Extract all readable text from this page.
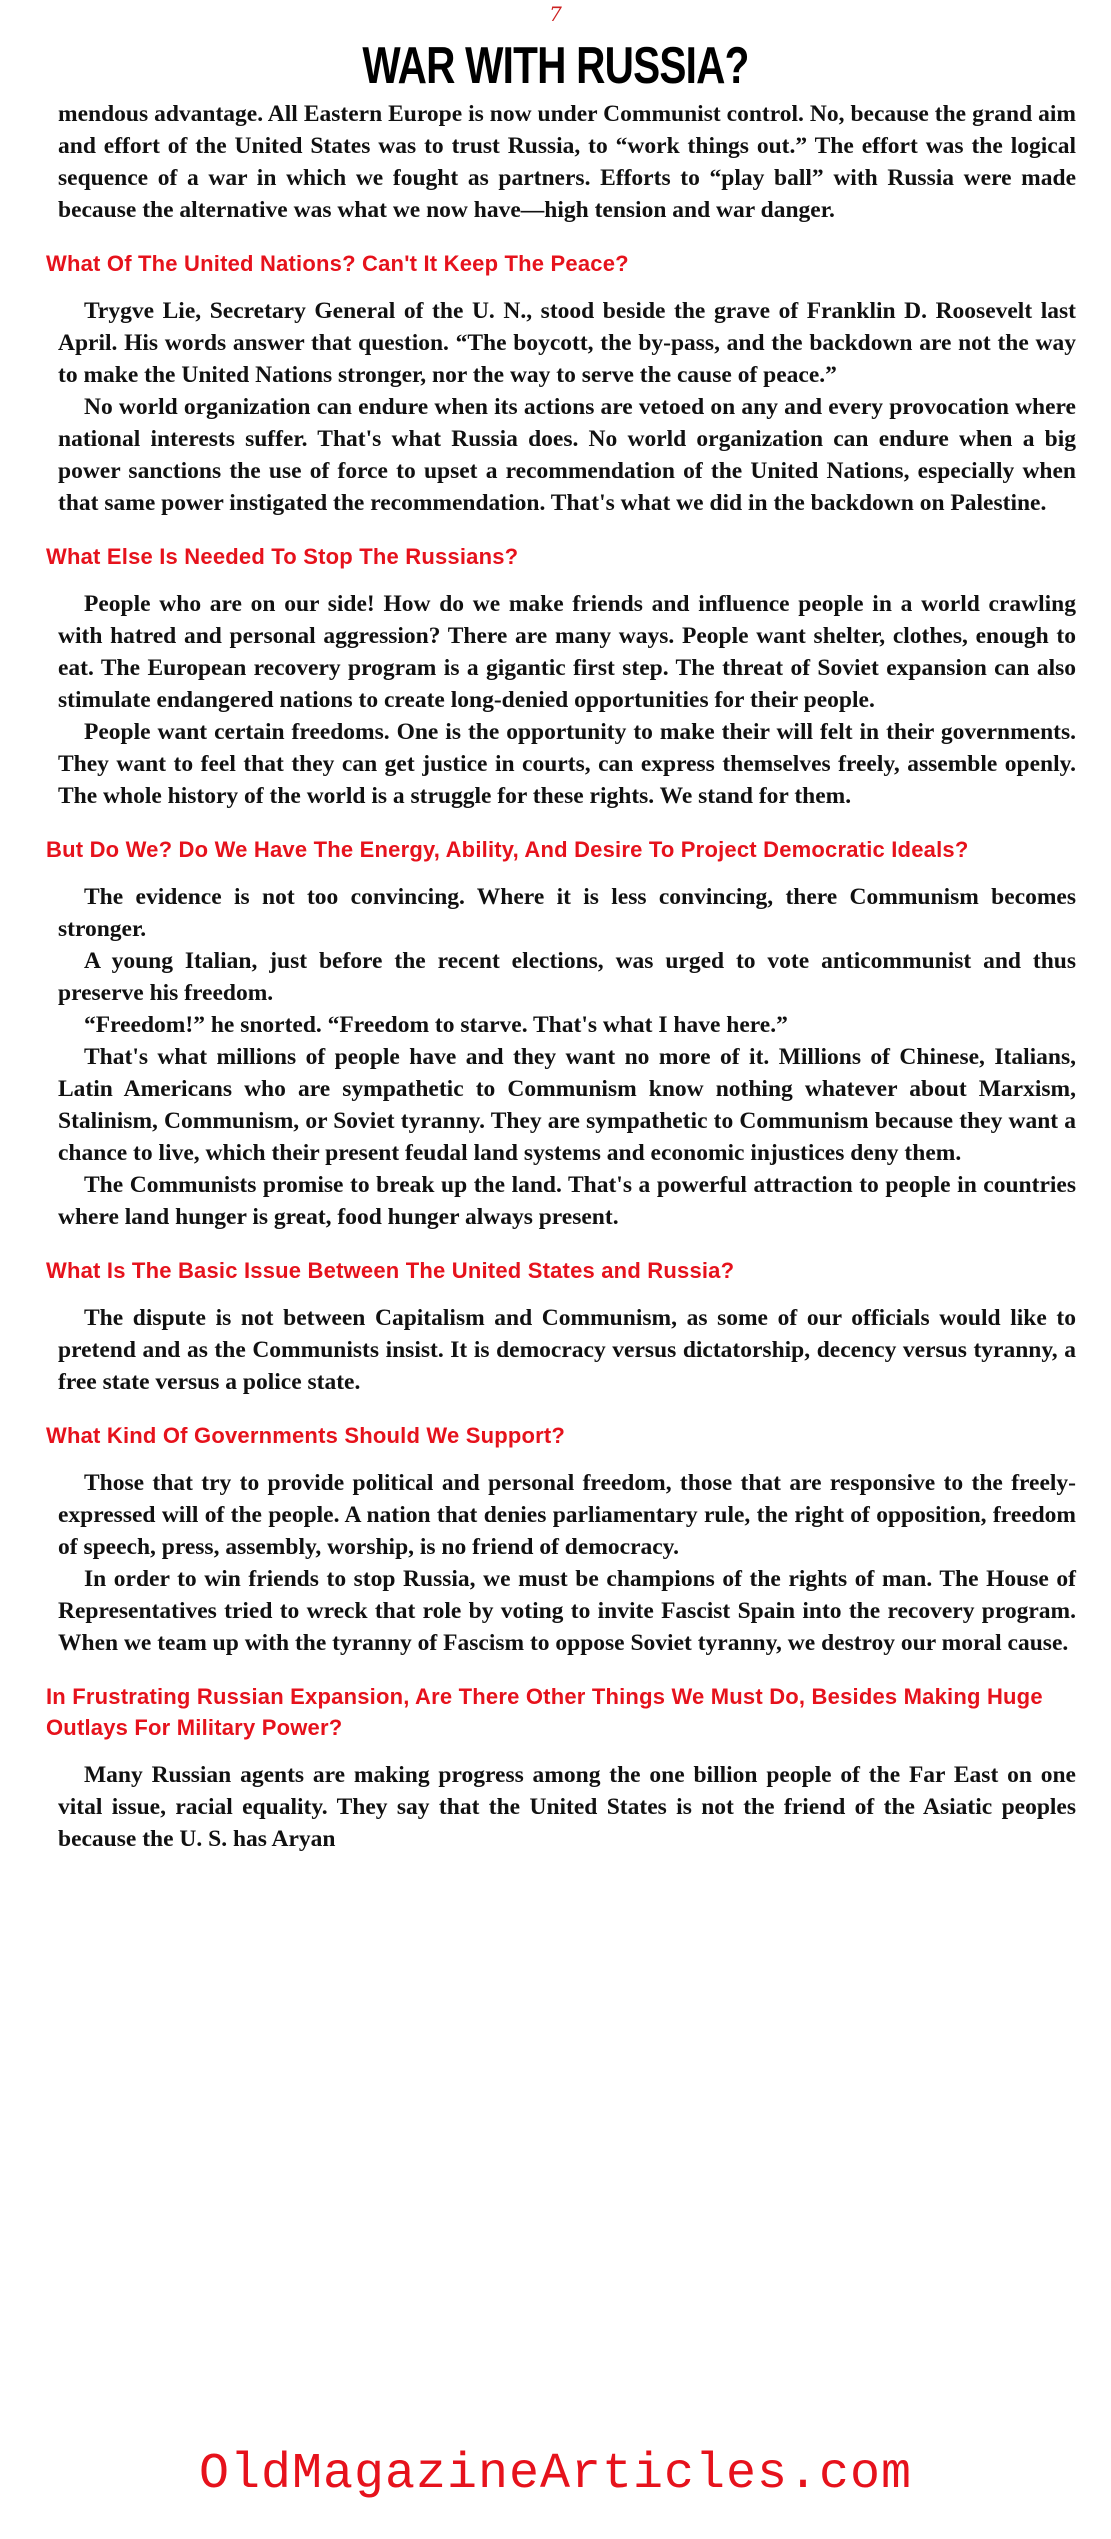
7
WAR WITH RUSSIA?

mendous advantage. All Eastern Europe is now under Communist control. No, because the grand aim and effort of the United States was to trust Russia, to “work things out.” The effort was the logical sequence of a war in which we fought as partners. Efforts to “play ball” with Russia were made because the alternative was what we now have—high tension and war danger.

What Of The United Nations? Can't It Keep The Peace?

Trygve Lie, Secretary General of the U. N., stood beside the grave of Franklin D. Roosevelt last April. His words answer that question. “The boycott, the by-pass, and the backdown are not the way to make the United Nations stronger, nor the way to serve the cause of peace.”

No world organization can endure when its actions are vetoed on any and every provocation where national interests suffer. That's what Russia does. No world organization can endure when a big power sanctions the use of force to upset a recommendation of the United Nations, especially when that same power instigated the recommendation. That's what we did in the backdown on Palestine.

What Else Is Needed To Stop The Russians?

People who are on our side! How do we make friends and influence people in a world crawling with hatred and personal aggression? There are many ways. People want shelter, clothes, enough to eat. The European recovery program is a gigantic first step. The threat of Soviet expansion can also stimulate endangered nations to create long-denied opportunities for their people.

People want certain freedoms. One is the opportunity to make their will felt in their governments. They want to feel that they can get justice in courts, can express themselves freely, assemble openly. The whole history of the world is a struggle for these rights. We stand for them.

But Do We? Do We Have The Energy, Ability, And Desire To Project Democratic Ideals?

The evidence is not too convincing. Where it is less convincing, there Communism becomes stronger.

A young Italian, just before the recent elections, was urged to vote anticommunist and thus preserve his freedom.

“Freedom!” he snorted. “Freedom to starve. That's what I have here.”

That's what millions of people have and they want no more of it. Millions of Chinese, Italians, Latin Americans who are sympathetic to Communism know nothing whatever about Marxism, Stalinism, Communism, or Soviet tyranny. They are sympathetic to Communism because they want a chance to live, which their present feudal land systems and economic injustices deny them.

The Communists promise to break up the land. That's a powerful attraction to people in countries where land hunger is great, food hunger always present.

What Is The Basic Issue Between The United States and Russia?

The dispute is not between Capitalism and Communism, as some of our officials would like to pretend and as the Communists insist. It is democracy versus dictatorship, decency versus tyranny, a free state versus a police state.

What Kind Of Governments Should We Support?

Those that try to provide political and personal freedom, those that are responsive to the freely-expressed will of the people. A nation that denies parliamentary rule, the right of opposition, freedom of speech, press, assembly, worship, is no friend of democracy.

In order to win friends to stop Russia, we must be champions of the rights of man. The House of Representatives tried to wreck that role by voting to invite Fascist Spain into the recovery program. When we team up with the tyranny of Fascism to oppose Soviet tyranny, we destroy our moral cause.

In Frustrating Russian Expansion, Are There Other Things We Must Do, Besides Making Huge Outlays For Military Power?

Many Russian agents are making progress among the one billion people of the Far East on one vital issue, racial equality. They say that the United States is not the friend of the Asiatic peoples because the U. S. has Aryan

OldMagazineArticles.com
